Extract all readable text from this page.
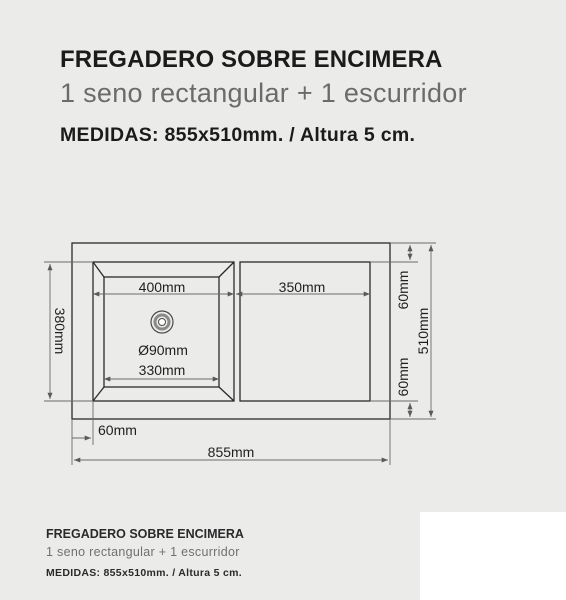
FREGADERO SOBRE ENCIMERA
1 seno rectangular + 1 escurridor
MEDIDAS: 855x510mm. / Altura 5 cm.
400mm	350mm
Ø90mm
330mm
380mm
60mm
60mm
510mm
60mm
855mm
FREGADERO SOBRE ENCIMERA
1 seno rectangular + 1 escurridor
MEDIDAS: 855x510mm. / Altura 5 cm.
